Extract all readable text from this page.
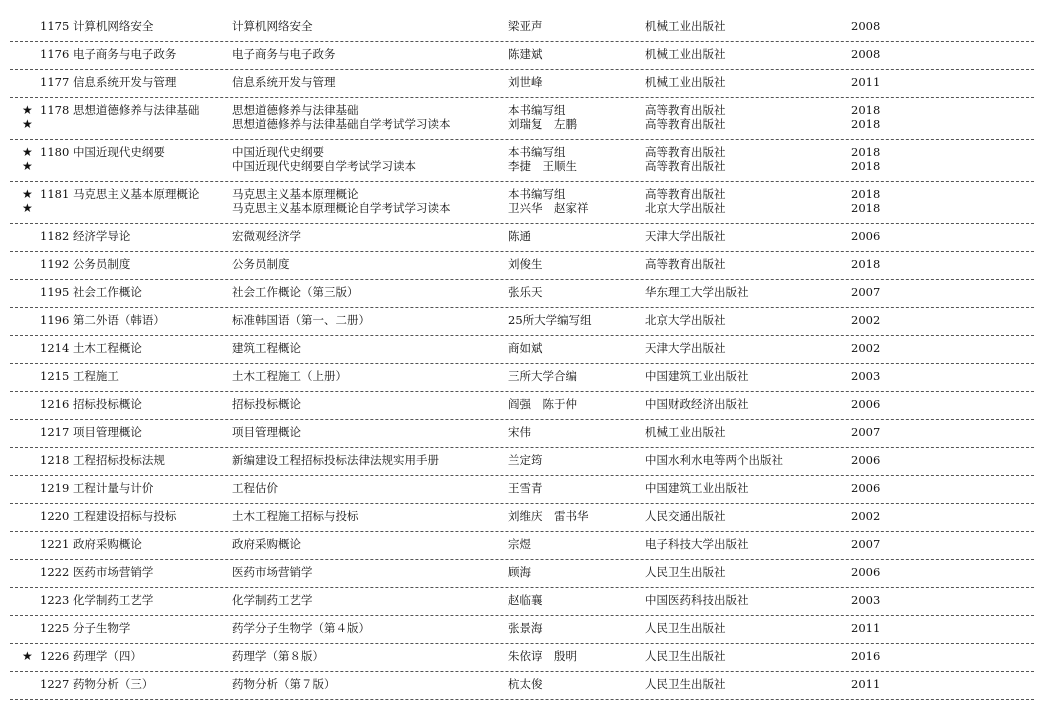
1175 计算机网络安全	计算机网络安全	梁亚声	机械工业出版社	2008
1176 电子商务与电子政务	电子商务与电子政务	陈建斌	机械工业出版社	2008
1177 信息系统开发与管理	信息系统开发与管理	刘世峰	机械工业出版社	2011
★ 1178 思想道德修养与法律基础	思想道德修养与法律基础	本书编写组	高等教育出版社	2018
★	思想道德修养与法律基础自学考试学习读本	刘瑞复　左鹏	高等教育出版社	2018
★ 1180 中国近现代史纲要	中国近现代史纲要	本书编写组	高等教育出版社	2018
★	中国近现代史纲要自学考试学习读本	李捷　王顺生	高等教育出版社	2018
★ 1181 马克思主义基本原理概论	马克思主义基本原理概论	本书编写组	高等教育出版社	2018
★	马克思主义基本原理概论自学考试学习读本	卫兴华　赵家祥	北京大学出版社	2018
1182 经济学导论	宏微观经济学	陈通	天津大学出版社	2006
1192 公务员制度	公务员制度	刘俊生	高等教育出版社	2018
1195 社会工作概论	社会工作概论（第三版）	张乐天	华东理工大学出版社	2007
1196 第二外语（韩语）	标准韩国语（第一、二册）	25所大学编写组	北京大学出版社	2002
1214 土木工程概论	建筑工程概论	商如斌	天津大学出版社	2002
1215 工程施工	土木工程施工（上册）	三所大学合编	中国建筑工业出版社	2003
1216 招标投标概论	招标投标概论	阎强　陈于仲	中国财政经济出版社	2006
1217 项目管理概论	项目管理概论	宋伟	机械工业出版社	2007
1218 工程招标投标法规	新编建设工程招标投标法律法规实用手册	兰定筠	中国水利水电等两个出版社	2006
1219 工程计量与计价	工程估价	王雪青	中国建筑工业出版社	2006
1220 工程建设招标与投标	土木工程施工招标与投标	刘维庆　雷书华	人民交通出版社	2002
1221 政府采购概论	政府采购概论	宗煜	电子科技大学出版社	2007
1222 医药市场营销学	医药市场营销学	顾海	人民卫生出版社	2006
1223 化学制药工艺学	化学制药工艺学	赵临襄	中国医药科技出版社	2003
1225 分子生物学	药学分子生物学（第４版）	张景海	人民卫生出版社	2011
★ 1226 药理学（四）	药理学（第８版）	朱依谆　殷明	人民卫生出版社	2016
1227 药物分析（三）	药物分析（第７版）	杭太俊	人民卫生出版社	2011
